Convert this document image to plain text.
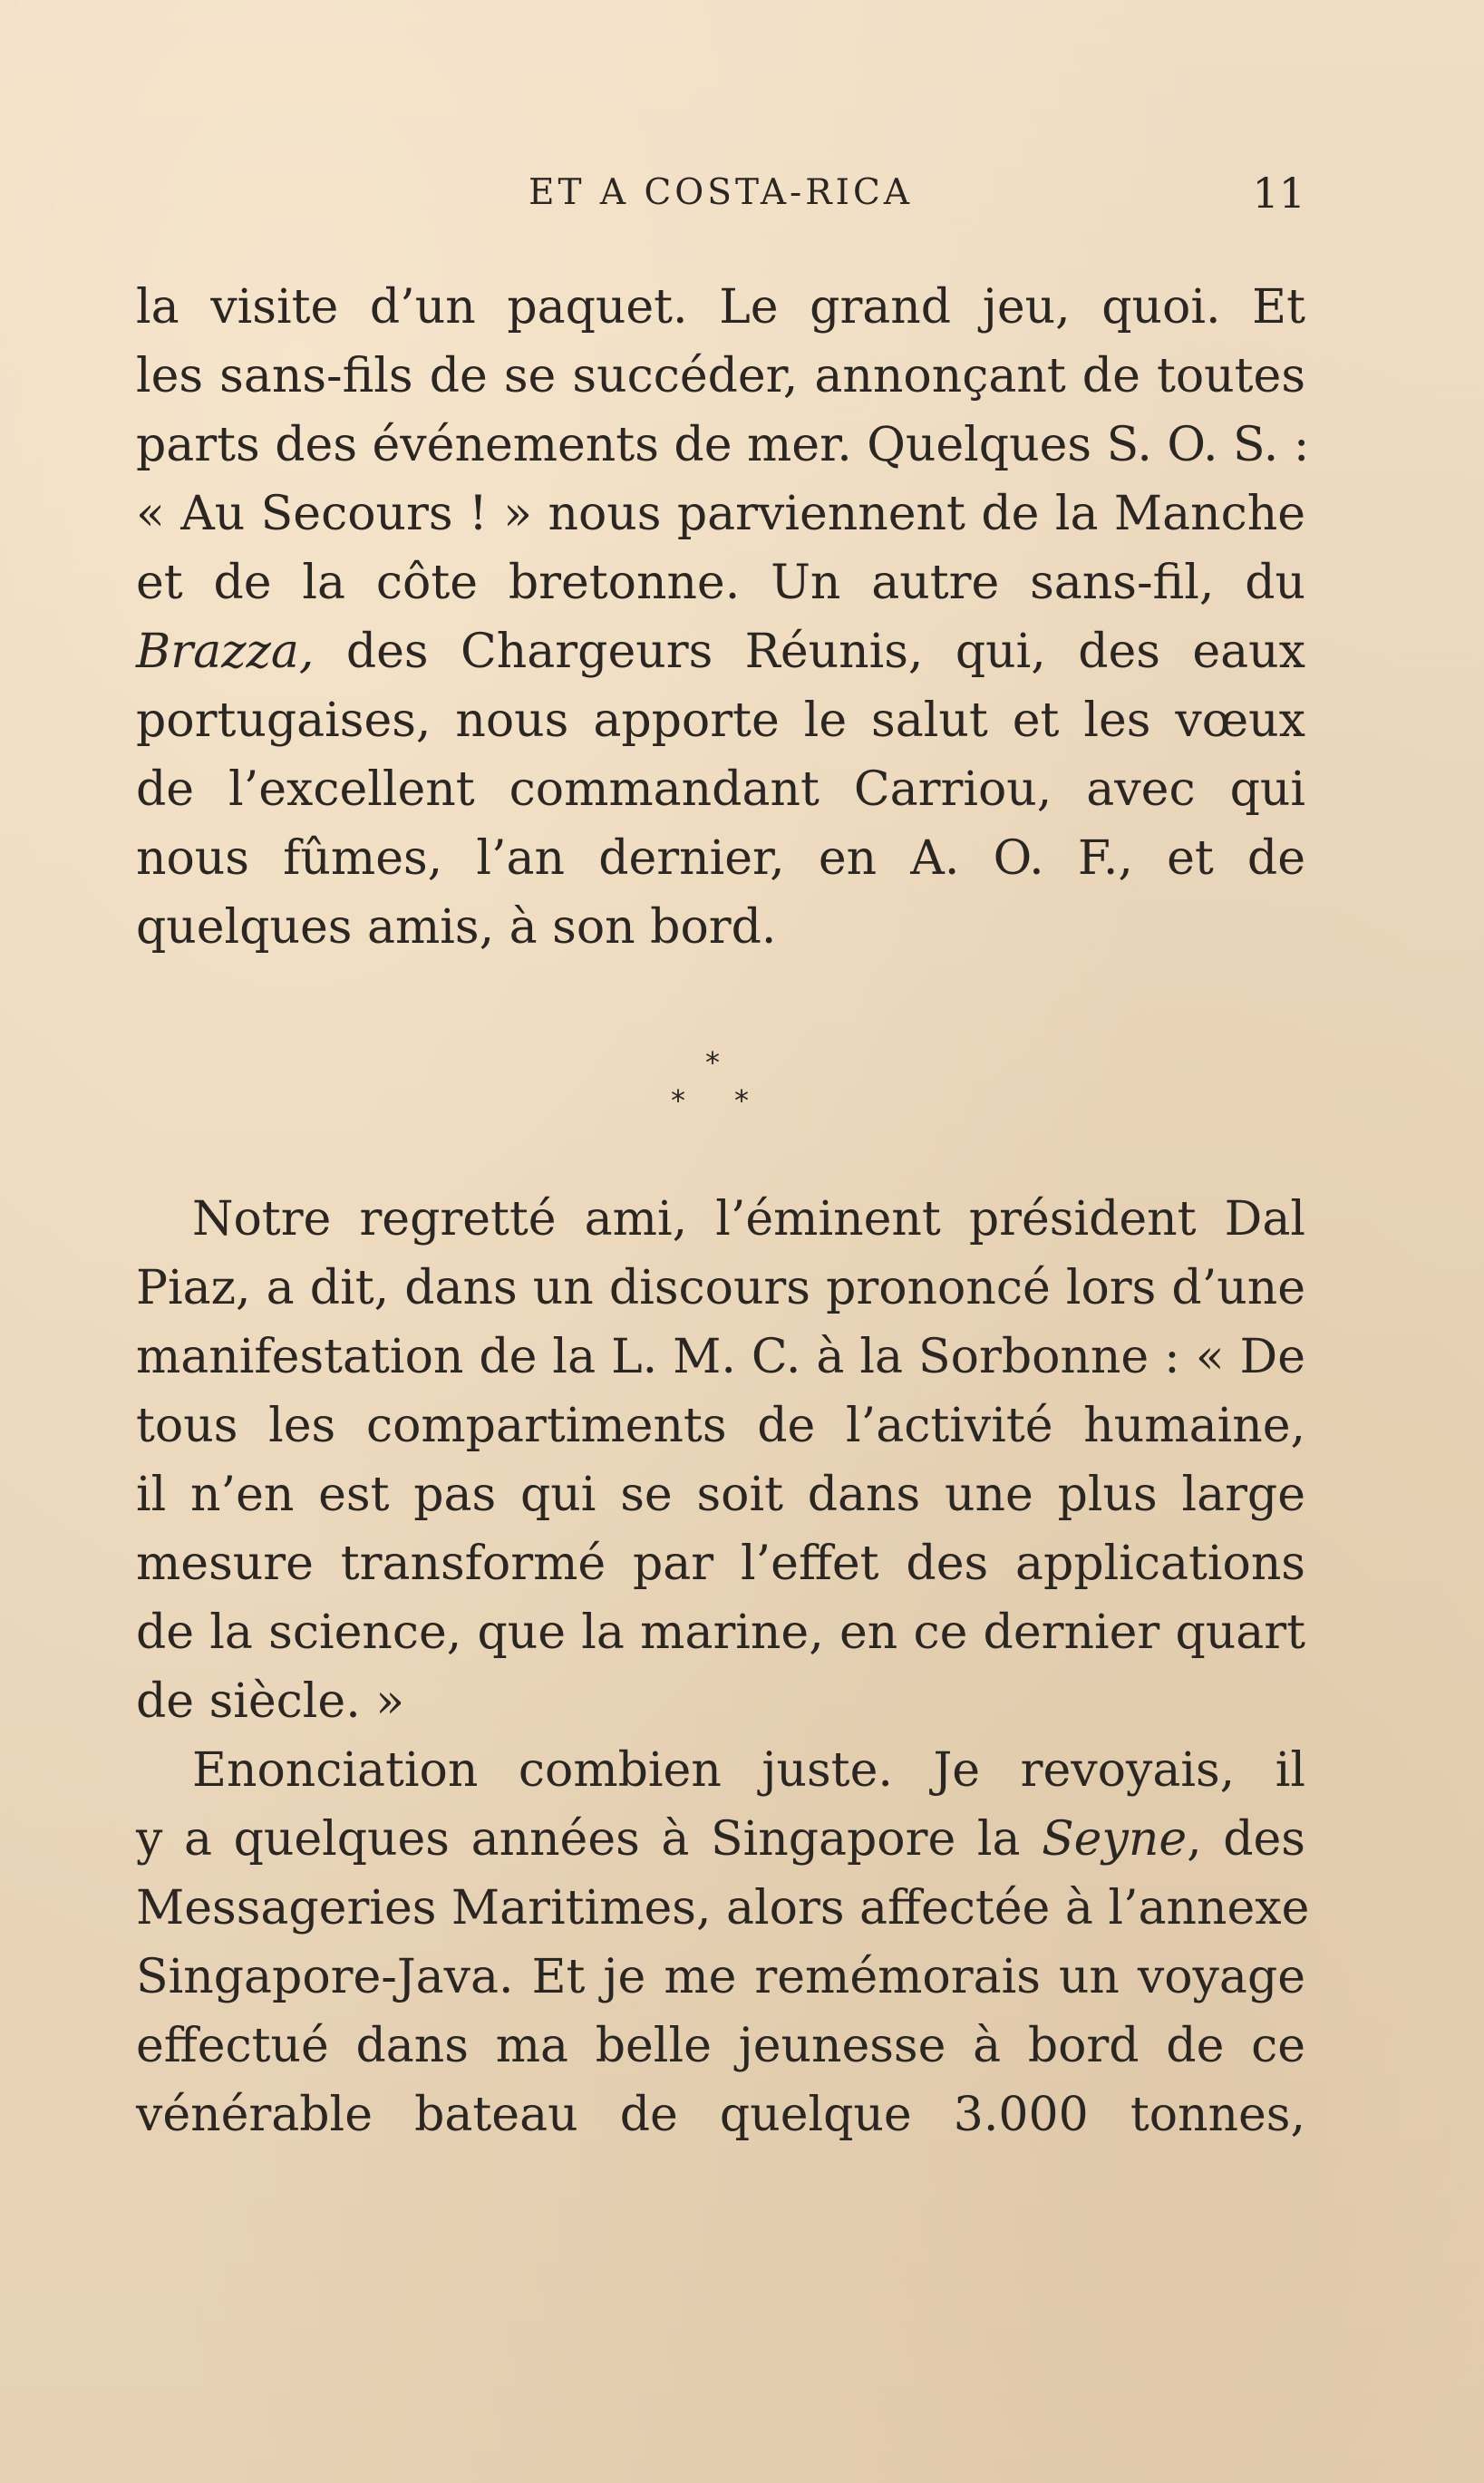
ET A COSTA-RICA	11
la visite d’un paquet. Le grand jeu, quoi. Et
les sans-fils de se succéder, annonçant de toutes
parts des événements de mer. Quelques S. O. S. :
« Au Secours ! » nous parviennent de la Manche
et de la côte bretonne. Un autre sans-fil, du
Brazza, des Chargeurs Réunis, qui, des eaux
portugaises, nous apporte le salut et les vœux
de l’excellent commandant Carriou, avec qui
nous fûmes, l’an dernier, en A. O. F., et de
quelques amis, à son bord.
*
* *
Notre regretté ami, l’éminent président Dal
Piaz, a dit, dans un discours prononcé lors d’une
manifestation de la L. M. C. à la Sorbonne : « De
tous les compartiments de l’activité humaine,
il n’en est pas qui se soit dans une plus large
mesure transformé par l’effet des applications
de la science, que la marine, en ce dernier quart
de siècle. »
Enonciation combien juste. Je revoyais, il
y a quelques années à Singapore la Seyne, des
Messageries Maritimes, alors affectée à l’annexe
Singapore-Java. Et je me remémorais un voyage
effectué dans ma belle jeunesse à bord de ce
vénérable bateau de quelque 3.000 tonnes,
